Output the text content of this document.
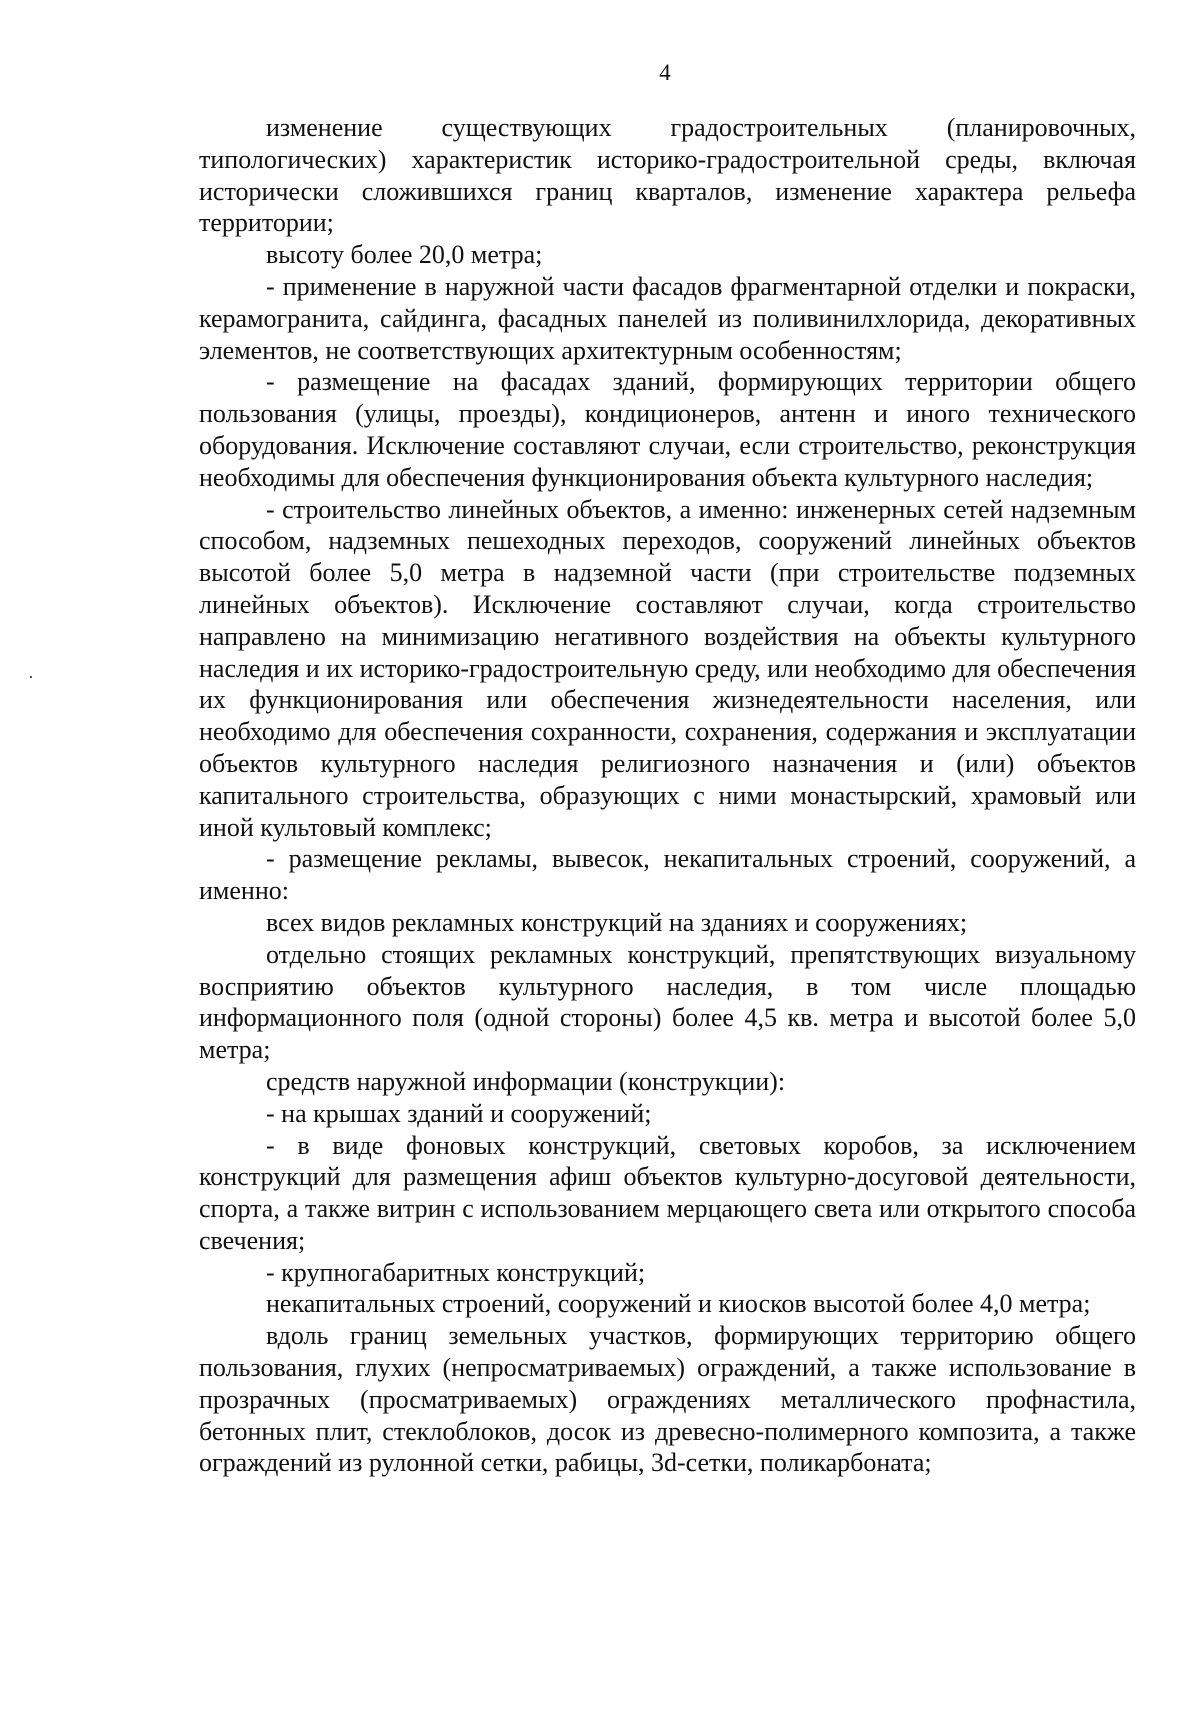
4

изменение существующих градостроительных (планировочных, типологических) характеристик историко-градостроительной среды, включая исторически сложившихся границ кварталов, изменение характера рельефа территории;

высоту более 20,0 метра;

- применение в наружной части фасадов фрагментарной отделки и покраски, керамогранита, сайдинга, фасадных панелей из поливинилхлорида, декоративных элементов, не соответствующих архитектурным особенностям;

- размещение на фасадах зданий, формирующих территории общего пользования (улицы, проезды), кондиционеров, антенн и иного технического оборудования. Исключение составляют случаи, если строительство, реконструкция необходимы для обеспечения функционирования объекта культурного наследия;

- строительство линейных объектов, а именно: инженерных сетей надземным способом, надземных пешеходных переходов, сооружений линейных объектов высотой более 5,0 метра в надземной части (при строительстве подземных линейных объектов). Исключение составляют случаи, когда строительство направлено на минимизацию негативного воздействия на объекты культурного наследия и их историко-градостроительную среду, или необходимо для обеспечения их функционирования или обеспечения жизнедеятельности населения, или необходимо для обеспечения сохранности, сохранения, содержания и эксплуатации объектов культурного наследия религиозного назначения и (или) объектов капитального строительства, образующих с ними монастырский, храмовый или иной культовый комплекс;

- размещение рекламы, вывесок, некапитальных строений, сооружений, а именно:

всех видов рекламных конструкций на зданиях и сооружениях;

отдельно стоящих рекламных конструкций, препятствующих визуальному восприятию объектов культурного наследия, в том числе площадью информационного поля (одной стороны) более 4,5 кв. метра и высотой более 5,0 метра;

средств наружной информации (конструкции):

- на крышах зданий и сооружений;

- в виде фоновых конструкций, световых коробов, за исключением конструкций для размещения афиш объектов культурно-досуговой деятельности, спорта, а также витрин с использованием мерцающего света или открытого способа свечения;

- крупногабаритных конструкций;

некапитальных строений, сооружений и киосков высотой более 4,0 метра;

вдоль границ земельных участков, формирующих территорию общего пользования, глухих (непросматриваемых) ограждений, а также использование в прозрачных (просматриваемых) ограждениях металлического профнастила, бетонных плит, стеклоблоков, досок из древесно-полимерного композита, а также ограждений из рулонной сетки, рабицы, 3d-сетки, поликарбоната;
